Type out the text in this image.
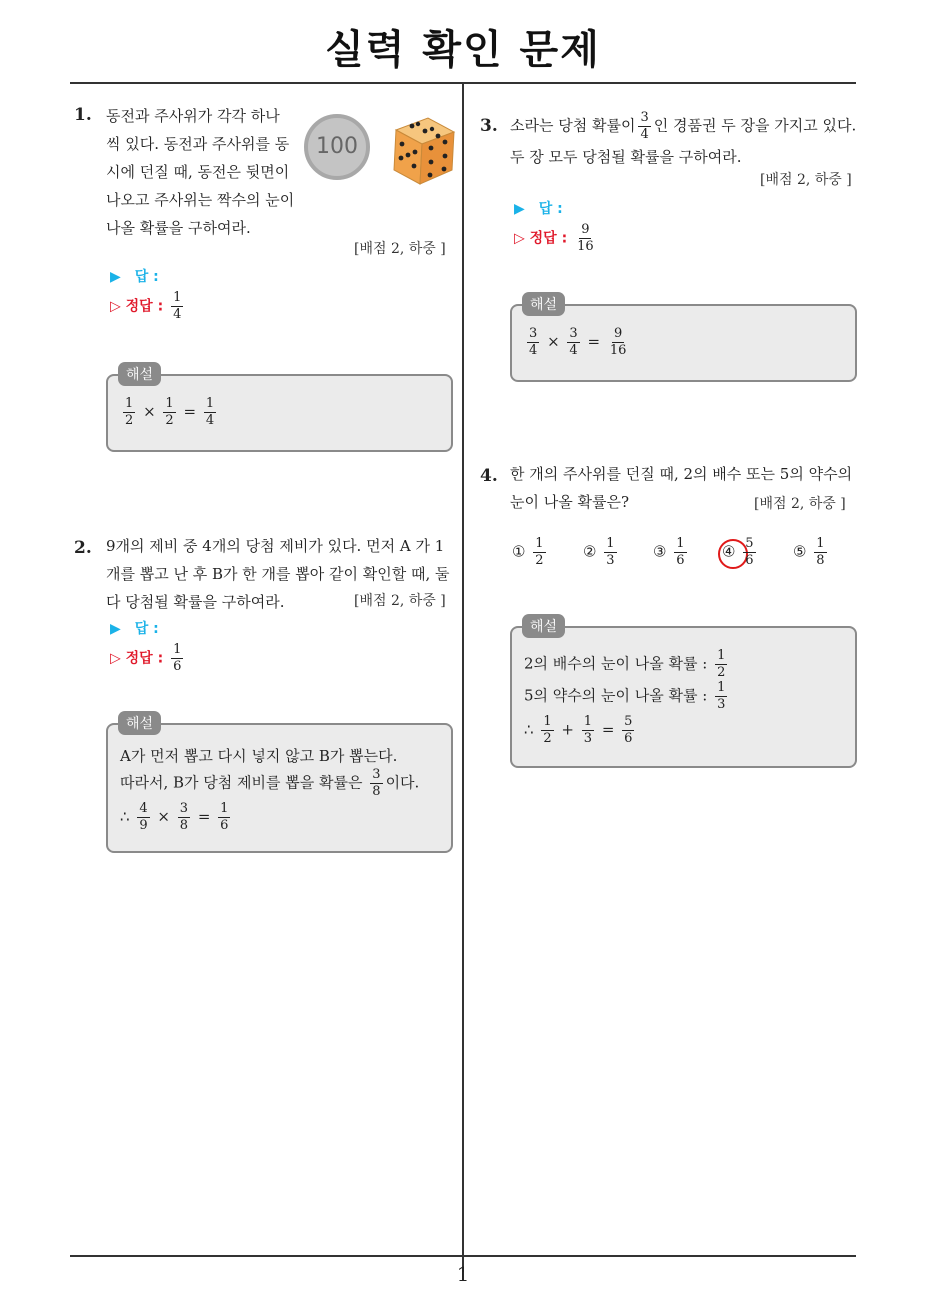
실력 확인 문제
1
1. 동전과 주사위가 각각 하나
씩 있다. 동전과 주사위를 동
시에 던질 때, 동전은 뒷면이
나오고 주사위는 짝수의 눈이
나올 확률을 구하여라.
100
[배점 2, 하중 ]
▶ 답 :
▷ 정답 : $\frac{1}{4}$
$\frac{1}{2} \times \frac{1}{2} = \frac{1}{4}$
해설
2. 9개의 제비 중 4개의 당첨 제비가 있다. 먼저 A 가 1
개를 뽑고 난 후 B가 한 개를 뽑아 같이 확인할 때, 둘
다 당첨될 확률을 구하여라.	[배점 2, 하중 ]
▶ 답 :
▷ 정답 : $\frac{1}{6}$
A가 먼저 뽑고 다시 넣지 않고 B가 뽑는다.
따라서, B가 당첨 제비를 뽑을 확률은 $\frac{3}{8}$ 이다.
∴ $\frac{4}{9} \times \frac{3}{8} = \frac{1}{6}$
해설
3. 소라는 당첨 확률이 $\frac{3}{4}$ 인 경품권 두 장을 가지고 있다.
두 장 모두 당첨될 확률을 구하여라.
[배점 2, 하중 ]
▶ 답 :
▷ 정답 : $\frac{9}{16}$
$\frac{3}{4} \times \frac{3}{4} = \frac{9}{16}$
해설
4. 한 개의 주사위를 던질 때, 2의 배수 또는 5의 약수의
눈이 나올 확률은?	[배점 2, 하중 ]
① $\frac{1}{2}$ ② $\frac{1}{3}$ ③ $\frac{1}{6}$ ④ $\frac{5}{6}$ ⑤ $\frac{1}{8}$
2의 배수의 눈이 나올 확률 : $\frac{1}{2}$
5의 약수의 눈이 나올 확률 : $\frac{1}{3}$
∴ $\frac{1}{2} + \frac{1}{3} = \frac{5}{6}$
해설
